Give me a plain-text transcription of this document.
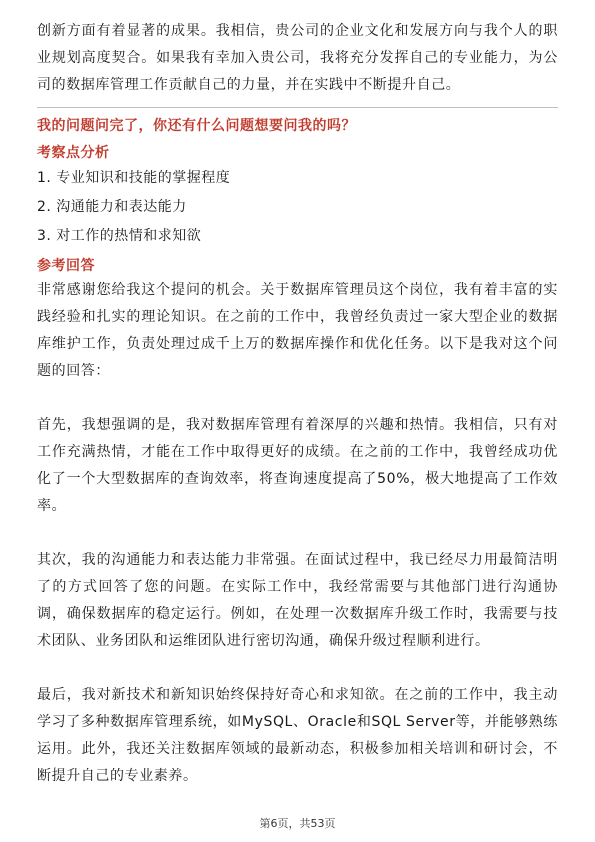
创新方面有着显著的成果。我相信，贵公司的企业文化和发展方向与我个人的职业规划高度契合。如果我有幸加入贵公司，我将充分发挥自己的专业能力，为公司的数据库管理工作贡献自己的力量，并在实践中不断提升自己。

我的问题问完了，你还有什么问题想要问我的吗？

考察点分析

1. 专业知识和技能的掌握程度

2. 沟通能力和表达能力

3. 对工作的热情和求知欲

参考回答

非常感谢您给我这个提问的机会。关于数据库管理员这个岗位，我有着丰富的实践经验和扎实的理论知识。在之前的工作中，我曾经负责过一家大型企业的数据库维护工作，负责处理过成千上万的数据库操作和优化任务。以下是我对这个问题的回答：

首先，我想强调的是，我对数据库管理有着深厚的兴趣和热情。我相信，只有对工作充满热情，才能在工作中取得更好的成绩。在之前的工作中，我曾经成功优化了一个大型数据库的查询效率，将查询速度提高了50%，极大地提高了工作效率。

其次，我的沟通能力和表达能力非常强。在面试过程中，我已经尽力用最简洁明了的方式回答了您的问题。在实际工作中，我经常需要与其他部门进行沟通协调，确保数据库的稳定运行。例如，在处理一次数据库升级工作时，我需要与技术团队、业务团队和运维团队进行密切沟通，确保升级过程顺利进行。

最后，我对新技术和新知识始终保持好奇心和求知欲。在之前的工作中，我主动学习了多种数据库管理系统，如MySQL、Oracle和SQL Server等，并能够熟练运用。此外，我还关注数据库领域的最新动态，积极参加相关培训和研讨会，不断提升自己的专业素养。

第6页，共53页
